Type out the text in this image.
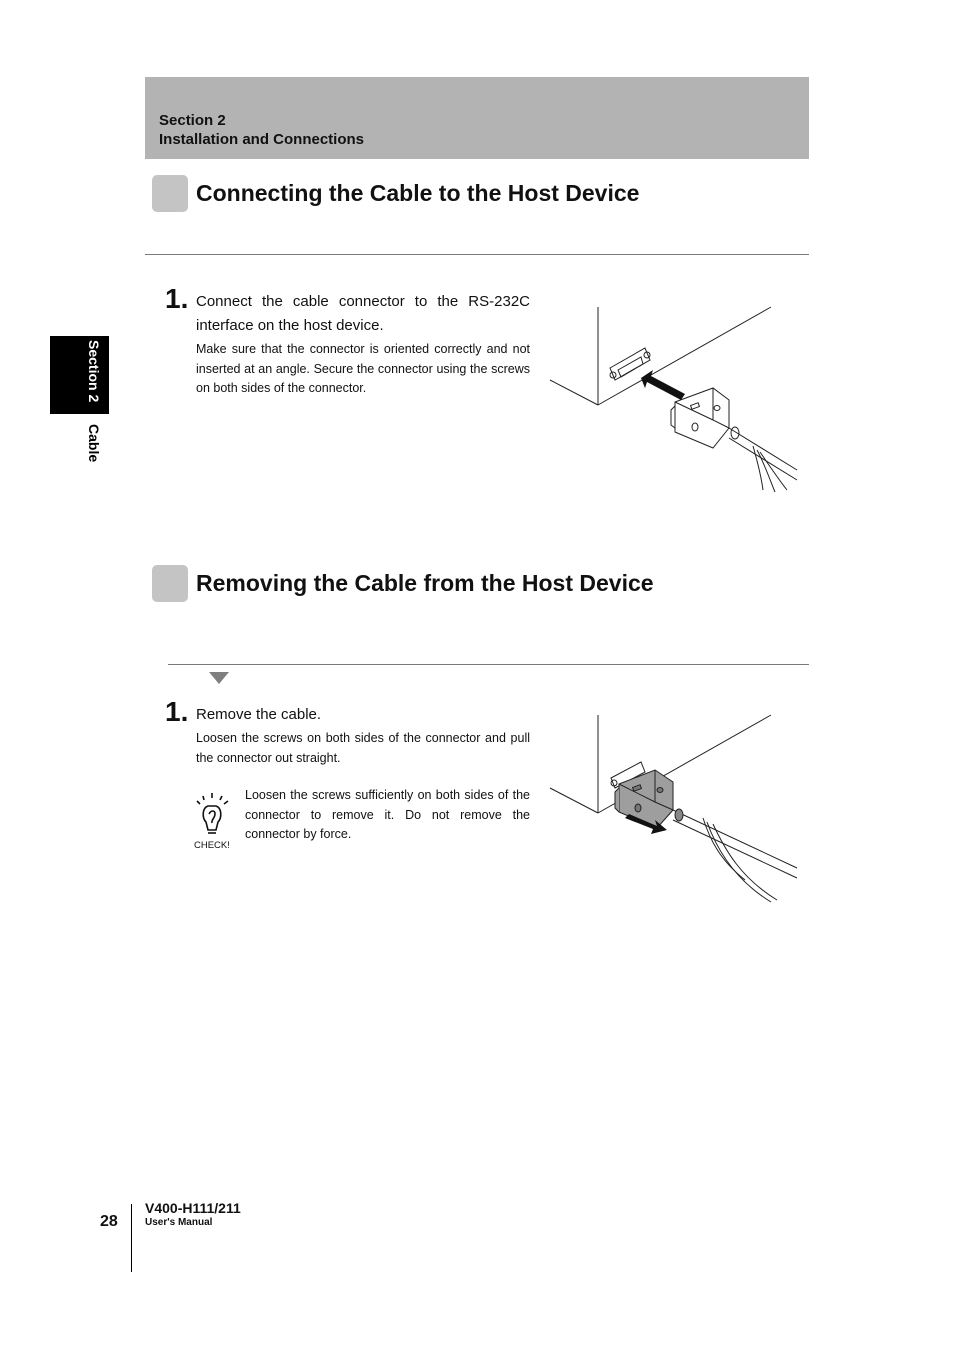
Section 2
Installation and Connections
Section 2
Cable
Connecting the Cable to the Host Device
1. Connect the cable connector to the RS-232C interface on the host device.
Make sure that the connector is oriented correctly and not inserted at an angle. Secure the connector using the screws on both sides of the connector.
Removing the Cable from the Host Device
1. Remove the cable.
Loosen the screws on both sides of the connector and pull the connector out straight.
CHECK!
Loosen the screws sufficiently on both sides of the connector to remove it. Do not remove the connector by force.
28
V400-H111/211
User's Manual
